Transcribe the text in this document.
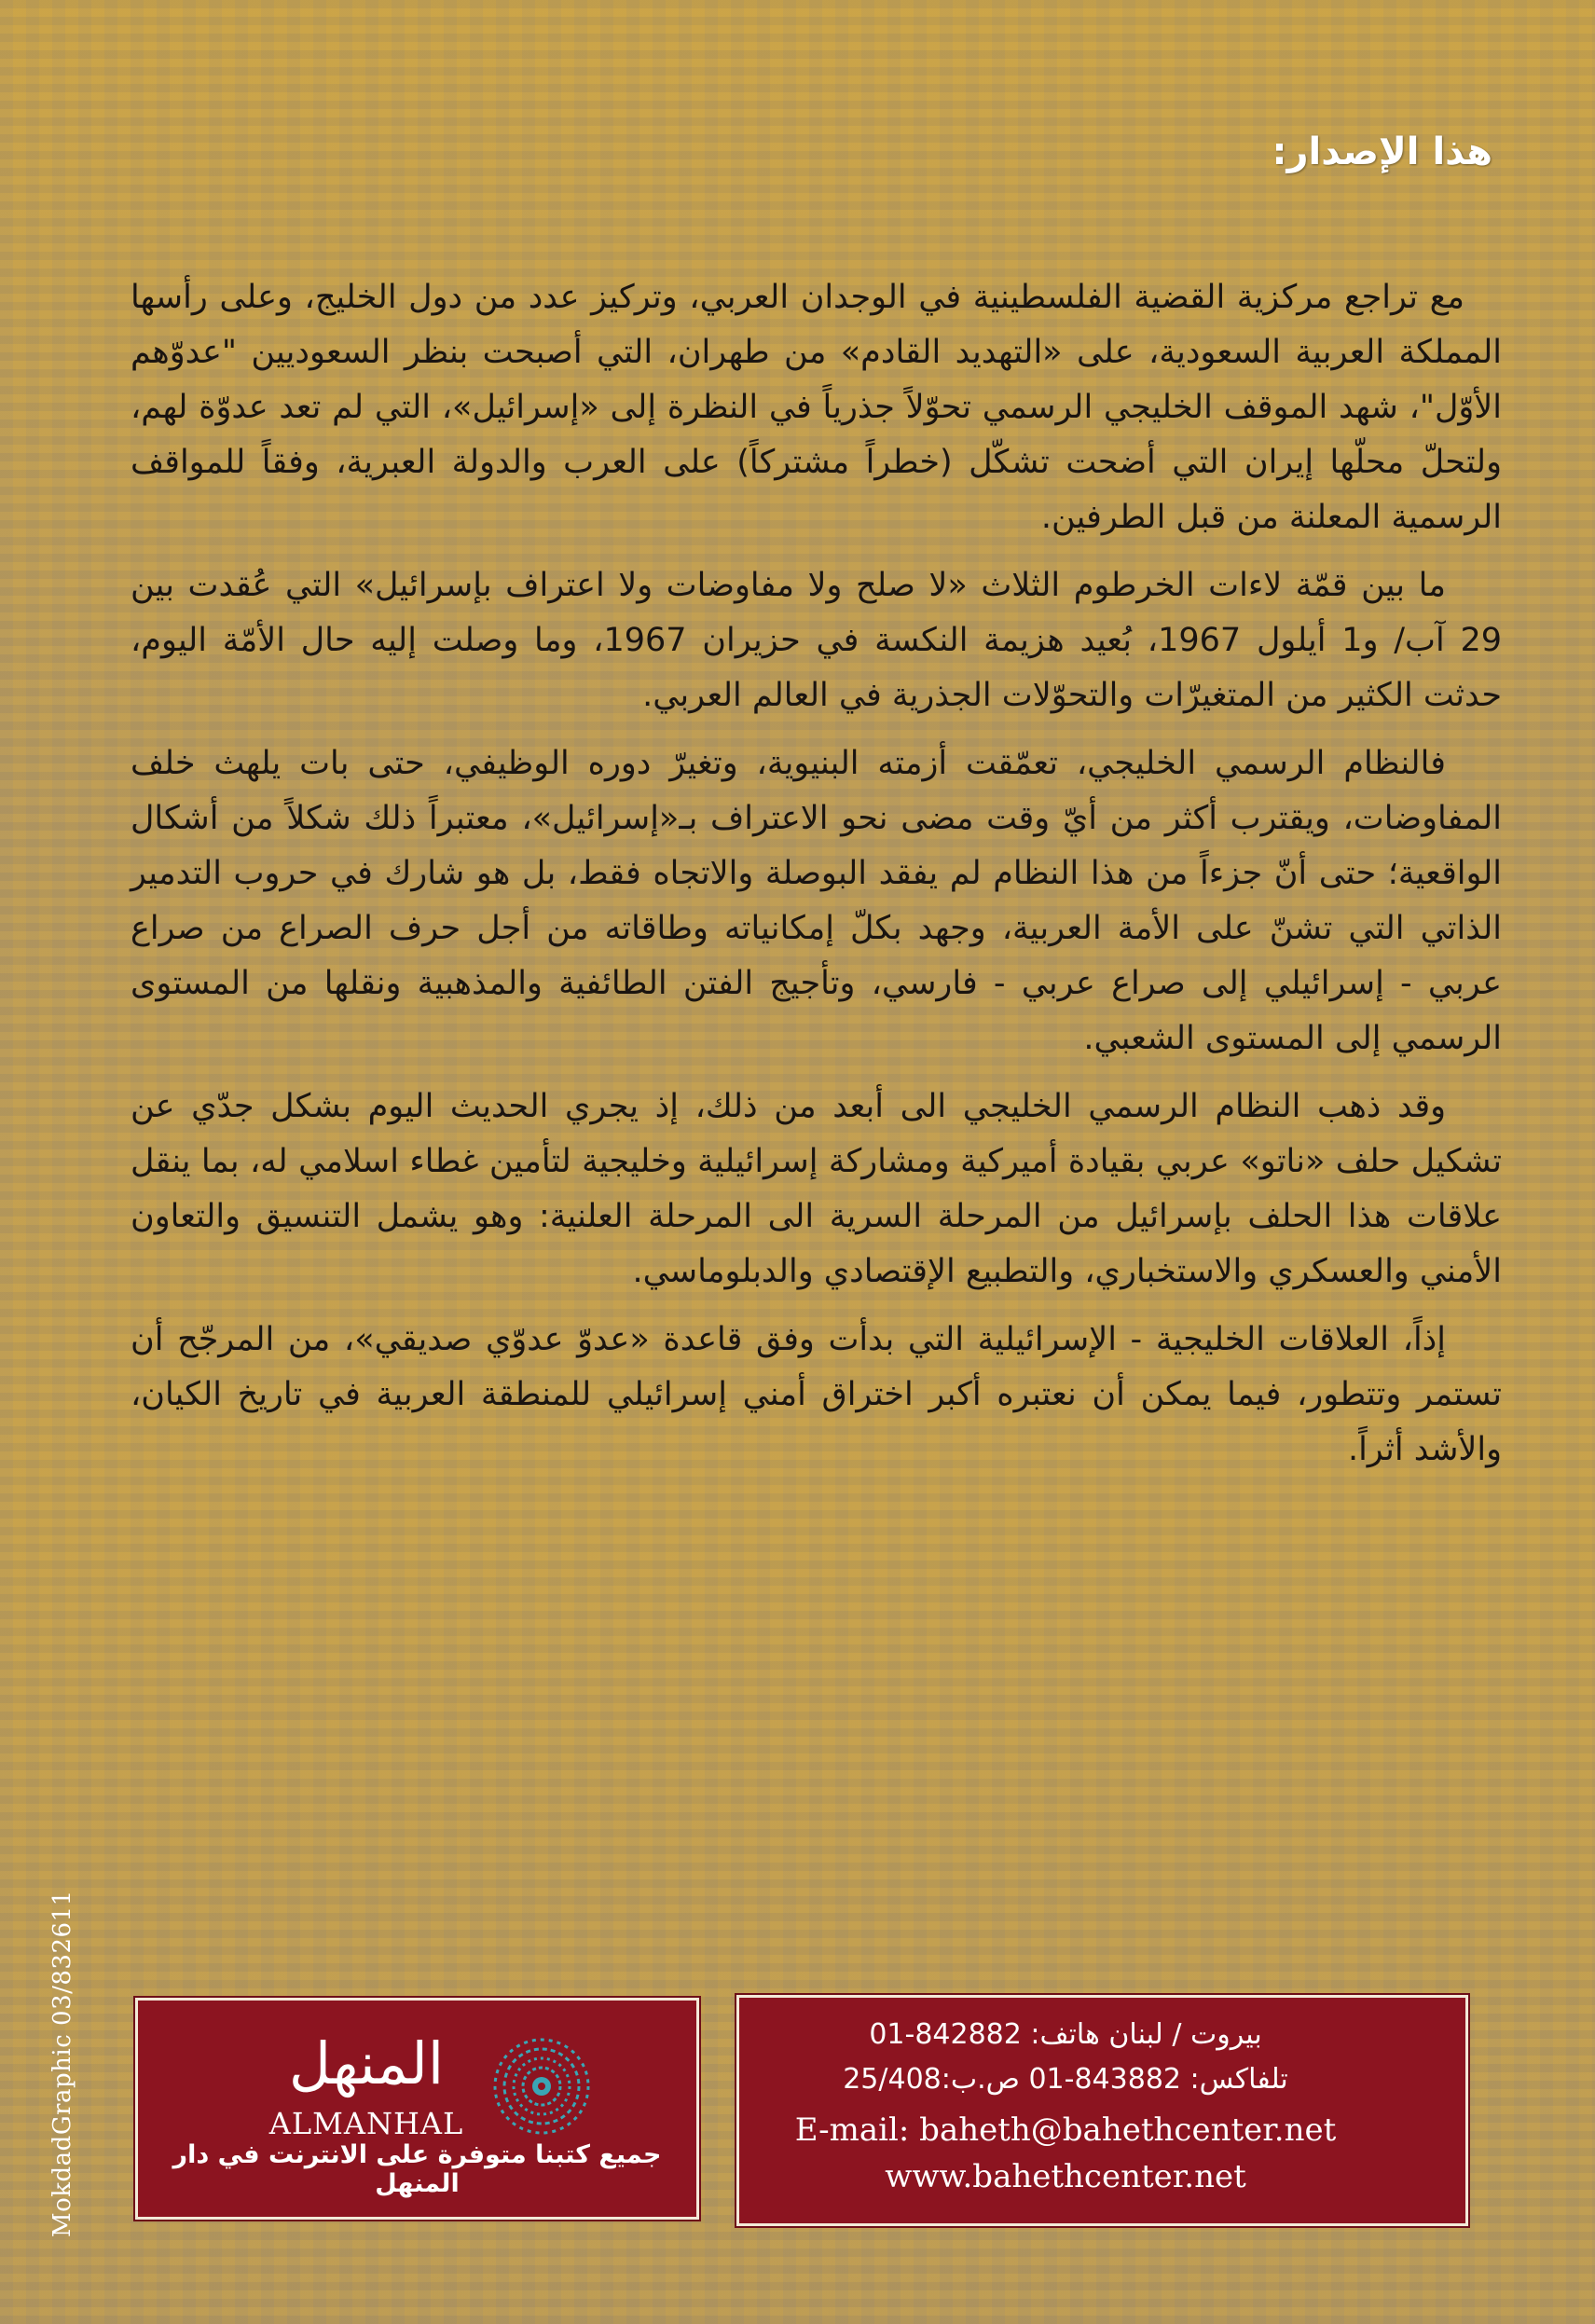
هذا الإصدار:

مع تراجع مركزية القضية الفلسطينية في الوجدان العربي، وتركيز عدد من دول الخليج، وعلى رأسها المملكة العربية السعودية، على «التهديد القادم» من طهران، التي أصبحت بنظر السعوديين "عدوّهم الأوّل"، شهد الموقف الخليجي الرسمي تحوّلاً جذرياً في النظرة إلى «إسرائيل»، التي لم تعد عدوّة لهم، ولتحلّ محلّها إيران التي أضحت تشكّل (خطراً مشتركاً) على العرب والدولة العبرية، وفقاً للمواقف الرسمية المعلنة من قبل الطرفين.

ما بين قمّة لاءات الخرطوم الثلاث «لا صلح ولا مفاوضات ولا اعتراف بإسرائيل» التي عُقدت بين 29 آب/ و1 أيلول 1967، بُعيد هزيمة النكسة في حزيران 1967، وما وصلت إليه حال الأمّة اليوم، حدثت الكثير من المتغيرّات والتحوّلات الجذرية في العالم العربي.

فالنظام الرسمي الخليجي، تعمّقت أزمته البنيوية، وتغيرّ دوره الوظيفي، حتى بات يلهث خلف المفاوضات، ويقترب أكثر من أيّ وقت مضى نحو الاعتراف بـ«إسرائيل»، معتبراً ذلك شكلاً من أشكال الواقعية؛ حتى أنّ جزءاً من هذا النظام لم يفقد البوصلة والاتجاه فقط، بل هو شارك في حروب التدمير الذاتي التي تشنّ على الأمة العربية، وجهد بكلّ إمكانياته وطاقاته من أجل حرف الصراع من صراع عربي - إسرائيلي إلى صراع عربي - فارسي، وتأجيج الفتن الطائفية والمذهبية ونقلها من المستوى الرسمي إلى المستوى الشعبي.

وقد ذهب النظام الرسمي الخليجي الى أبعد من ذلك، إذ يجري الحديث اليوم بشكل جدّي عن تشكيل حلف «ناتو» عربي بقيادة أميركية ومشاركة إسرائيلية وخليجية لتأمين غطاء اسلامي له، بما ينقل علاقات هذا الحلف بإسرائيل من المرحلة السرية الى المرحلة العلنية: وهو يشمل التنسيق والتعاون الأمني والعسكري والاستخباري، والتطبيع الإقتصادي والدبلوماسي.

إذاً، العلاقات الخليجية - الإسرائيلية التي بدأت وفق قاعدة «عدوّ عدوّي صديقي»، من المرجّح أن تستمر وتتطور، فيما يمكن أن نعتبره أكبر اختراق أمني إسرائيلي للمنطقة العربية في تاريخ الكيان، والأشد أثراً.

MokdadGraphic 03/832611	المنهل
ALMANHAL
جميع كتبنا متوفرة على الانترنت في دار المنهل
بيروت / لبنان هاتف: 842882-01
تلفاكس: 843882-01 ص.ب:25/408
E-mail: baheth@bahethcenter.net
www.bahethcenter.net
